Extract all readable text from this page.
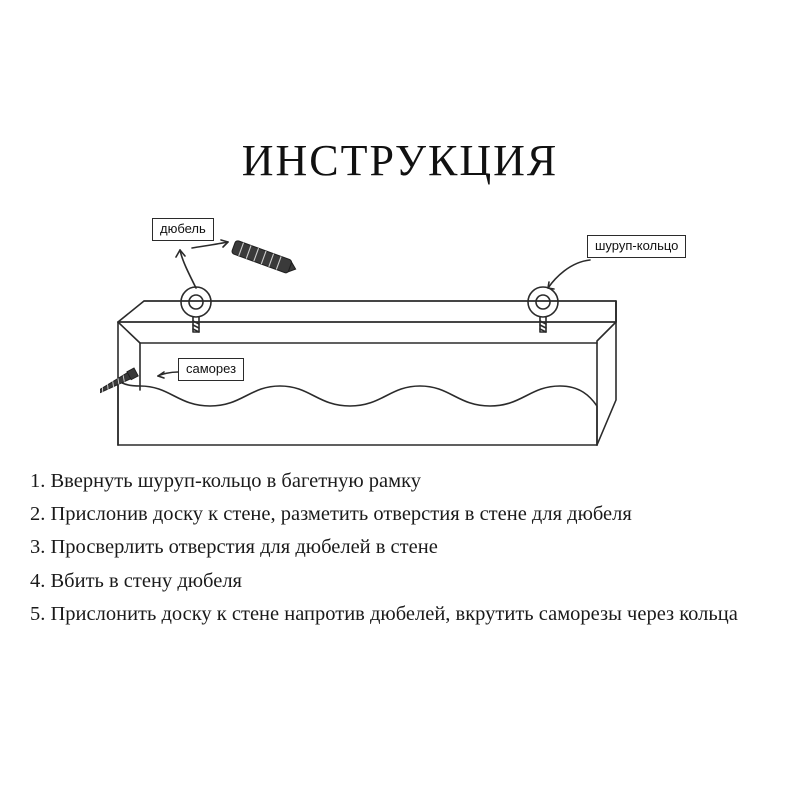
ИНСТРУКЦИЯ
дюбель
саморез
шуруп-кольцо

1. Ввернуть шуруп-кольцо в багетную рамку

2. Прислонив доску к стене, разметить отверстия в стене для дюбеля

3. Просверлить отверстия для дюбелей в стене

4. Вбить в стену дюбеля

5. Прислонить доску к стене напротив дюбелей, вкрутить саморезы через кольца
